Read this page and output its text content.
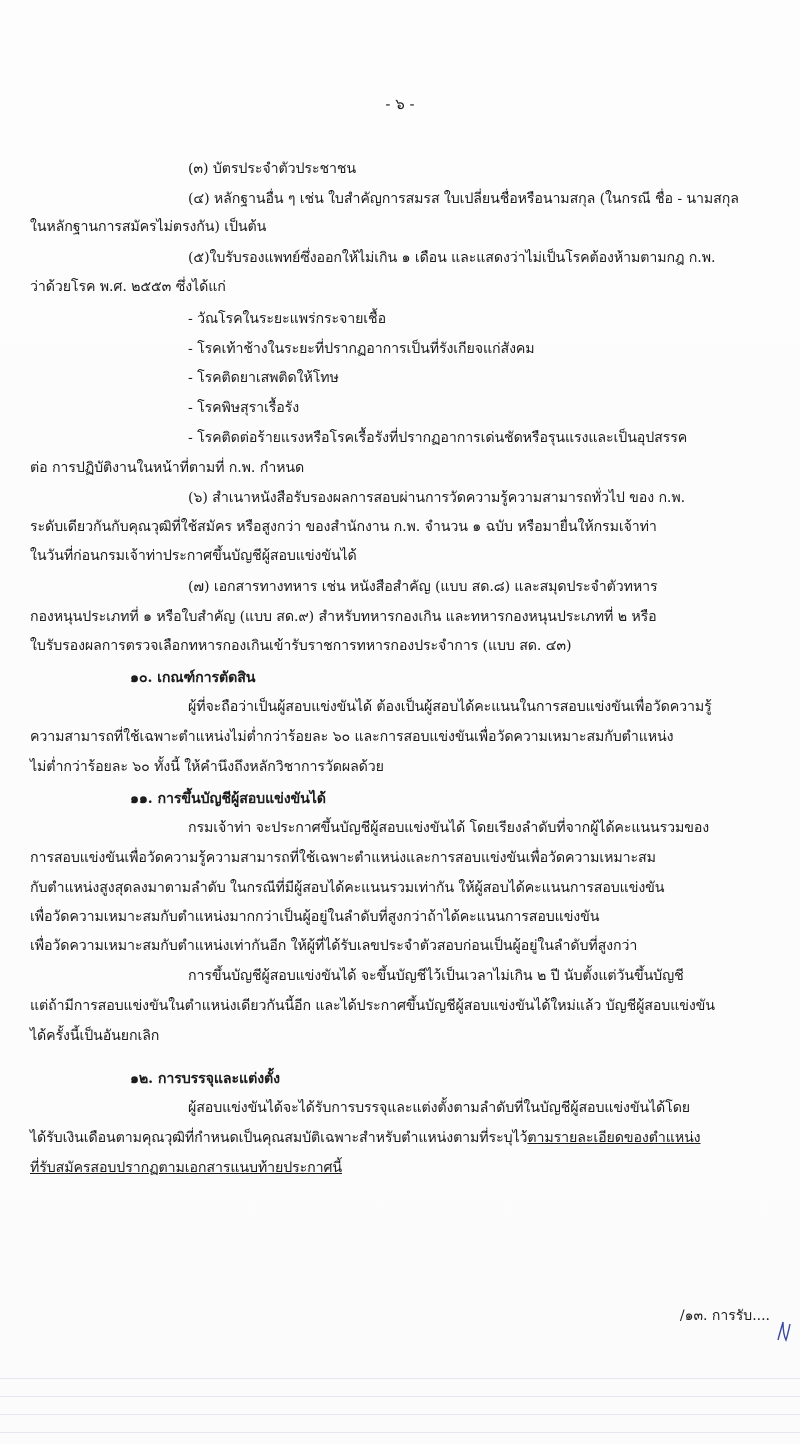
- ๖ -
(๓) บัตรประจำตัวประชาชน
(๔) หลักฐานอื่น ๆ เช่น ใบสำคัญการสมรส ใบเปลี่ยนชื่อหรือนามสกุล (ในกรณี ชื่อ - นามสกุล
ในหลักฐานการสมัครไม่ตรงกัน) เป็นต้น
(๕)ใบรับรองแพทย์ซึ่งออกให้ไม่เกิน ๑ เดือน และแสดงว่าไม่เป็นโรคต้องห้ามตามกฎ ก.พ.
ว่าด้วยโรค พ.ศ. ๒๕๕๓ ซึ่งได้แก่
- วัณโรคในระยะแพร่กระจายเชื้อ
- โรคเท้าช้างในระยะที่ปรากฏอาการเป็นที่รังเกียจแก่สังคม
- โรคติดยาเสพติดให้โทษ
- โรคพิษสุราเรื้อรัง
- โรคติดต่อร้ายแรงหรือโรคเรื้อรังที่ปรากฏอาการเด่นชัดหรือรุนแรงและเป็นอุปสรรค
ต่อ การปฏิบัติงานในหน้าที่ตามที่ ก.พ. กำหนด
(๖) สำเนาหนังสือรับรองผลการสอบผ่านการวัดความรู้ความสามารถทั่วไป ของ ก.พ.
ระดับเดียวกันกับคุณวุฒิที่ใช้สมัคร หรือสูงกว่า ของสำนักงาน ก.พ. จำนวน ๑ ฉบับ หรือมายื่นให้กรมเจ้าท่า
ในวันที่ก่อนกรมเจ้าท่าประกาศขึ้นบัญชีผู้สอบแข่งขันได้
(๗) เอกสารทางทหาร เช่น หนังสือสำคัญ (แบบ สด.๘) และสมุดประจำตัวทหาร
กองหนุนประเภทที่ ๑ หรือใบสำคัญ (แบบ สด.๙) สำหรับทหารกองเกิน และทหารกองหนุนประเภทที่ ๒ หรือ
ใบรับรองผลการตรวจเลือกทหารกองเกินเข้ารับราชการทหารกองประจำการ (แบบ สด. ๔๓)
๑๐. เกณฑ์การตัดสิน
ผู้ที่จะถือว่าเป็นผู้สอบแข่งขันได้ ต้องเป็นผู้สอบได้คะแนนในการสอบแข่งขันเพื่อวัดความรู้
ความสามารถที่ใช้เฉพาะตำแหน่งไม่ต่ำกว่าร้อยละ ๖๐ และการสอบแข่งขันเพื่อวัดความเหมาะสมกับตำแหน่ง
ไม่ต่ำกว่าร้อยละ ๖๐ ทั้งนี้ ให้คำนึงถึงหลักวิชาการวัดผลด้วย
๑๑. การขึ้นบัญชีผู้สอบแข่งขันได้
กรมเจ้าท่า จะประกาศขึ้นบัญชีผู้สอบแข่งขันได้ โดยเรียงลำดับที่จากผู้ได้คะแนนรวมของ
การสอบแข่งขันเพื่อวัดความรู้ความสามารถที่ใช้เฉพาะตำแหน่งและการสอบแข่งขันเพื่อวัดความเหมาะสม
กับตำแหน่งสูงสุดลงมาตามลำดับ ในกรณีที่มีผู้สอบได้คะแนนรวมเท่ากัน ให้ผู้สอบได้คะแนนการสอบแข่งขัน
เพื่อวัดความเหมาะสมกับตำแหน่งมากกว่าเป็นผู้อยู่ในลำดับที่สูงกว่าถ้าได้คะแนนการสอบแข่งขัน
เพื่อวัดความเหมาะสมกับตำแหน่งเท่ากันอีก ให้ผู้ที่ได้รับเลขประจำตัวสอบก่อนเป็นผู้อยู่ในลำดับที่สูงกว่า
การขึ้นบัญชีผู้สอบแข่งขันได้ จะขึ้นบัญชีไว้เป็นเวลาไม่เกิน ๒ ปี นับตั้งแต่วันขึ้นบัญชี
แต่ถ้ามีการสอบแข่งขันในตำแหน่งเดียวกันนี้อีก และได้ประกาศขึ้นบัญชีผู้สอบแข่งขันได้ใหม่แล้ว บัญชีผู้สอบแข่งขัน
ได้ครั้งนี้เป็นอันยกเลิก
๑๒. การบรรจุและแต่งตั้ง
ผู้สอบแข่งขันได้จะได้รับการบรรจุและแต่งตั้งตามลำดับที่ในบัญชีผู้สอบแข่งขันได้โดย
ได้รับเงินเดือนตามคุณวุฒิที่กำหนดเป็นคุณสมบัติเฉพาะสำหรับตำแหน่งตามที่ระบุไว้ตามรายละเอียดของตำแหน่ง
ที่รับสมัครสอบปรากฏตามเอกสารแนบท้ายประกาศนี้
/๑๓. การรับ....
